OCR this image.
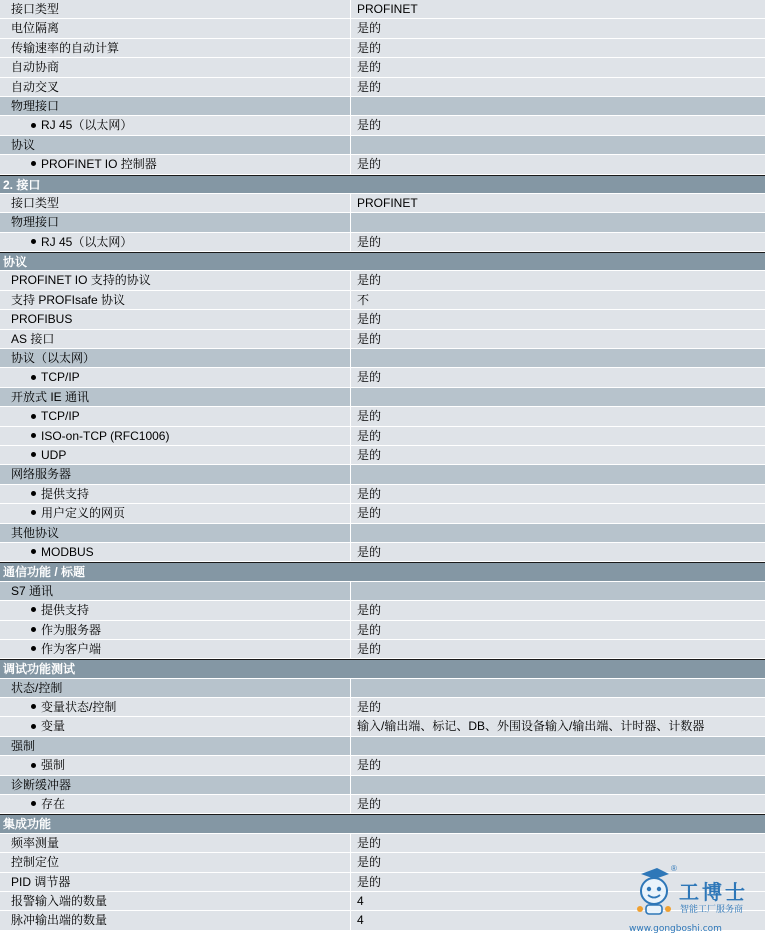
接口类型	PROFINET
电位隔离	是的
传输速率的自动计算	是的
自动协商	是的
自动交叉	是的
物理接口
RJ 45（以太网）	是的
协议
PROFINET IO 控制器	是的
2. 接口
接口类型	PROFINET
物理接口
RJ 45（以太网）	是的
协议
PROFINET IO 支持的协议	是的
支持 PROFIsafe 协议	不
PROFIBUS	是的
AS 接口	是的
协议（以太网）
TCP/IP	是的
开放式 IE 通讯
TCP/IP	是的
ISO-on-TCP (RFC1006)	是的
UDP	是的
网络服务器
提供支持	是的
用户定义的网页	是的
其他协议
MODBUS	是的
通信功能 / 标题
S7 通讯
提供支持	是的
作为服务器	是的
作为客户端	是的
调试功能测试
状态/控制
变量状态/控制	是的
变量	输入/输出端、标记、DB、外围设备输入/输出端、计时器、计数器
强制
强制	是的
诊断缓冲器
存在	是的
集成功能
频率测量	是的
控制定位	是的
PID 调节器	是的
报警输入端的数量	4
脉冲输出端的数量	4
®
工博士
智能工厂服务商
www.gongboshi.com
